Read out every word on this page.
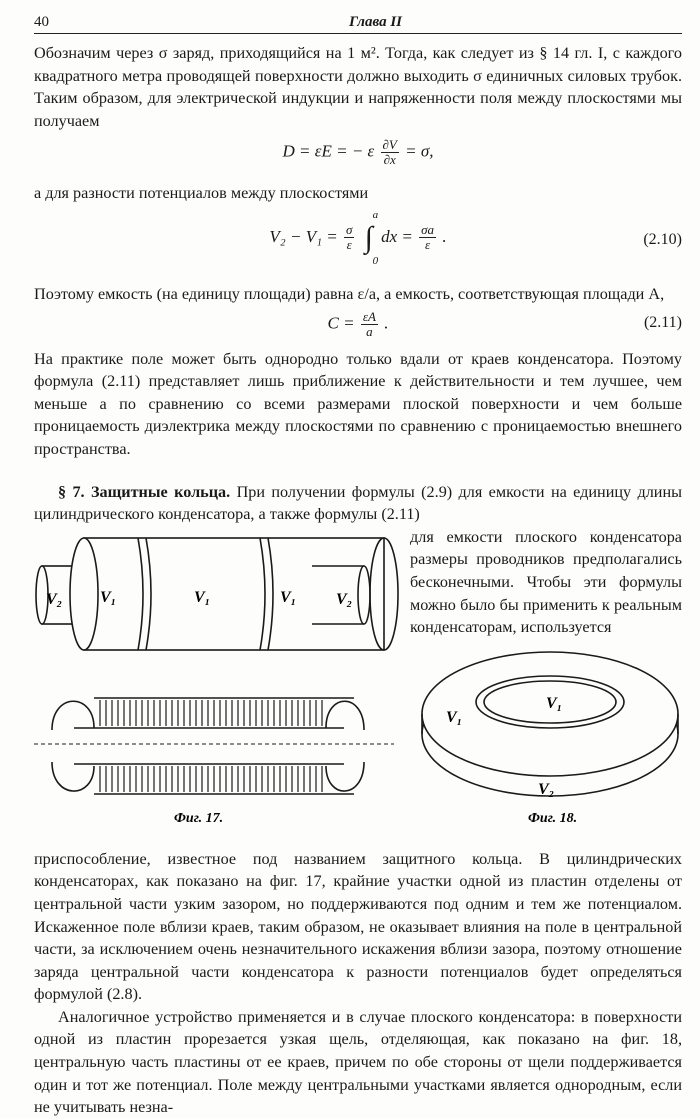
40	Глава II

Обозначим через σ заряд, приходящийся на 1 м². Тогда, как следует из § 14 гл. I, с каждого квадратного метра проводящей поверхности должно выходить σ единичных силовых трубок. Таким образом, для электрической индукции и напряженности поля между плоскостями мы получаем

D = εE = − ε $\frac{\partial V}{\partial x} = \sigma$,

а для разности потенциалов между плоскостями

$V_2 - V_1 = \frac{\sigma}{\varepsilon}$ ∫
a
0
dx = $\frac{\sigma a}{\varepsilon}$ .	(2.10)

Поэтому емкость (на единицу площади) равна ε/a, а емкость, соответствующая площади A,

$C = \frac{\varepsilon A}{a}$ .	(2.11)

На практике поле может быть однородно только вдали от краев конденсатора. Поэтому формула (2.11) представляет лишь приближение к действительности и тем лучшее, чем меньше a по сравнению со всеми размерами плоской поверхности и чем больше проницаемость диэлектрика между плоскостями по сравнению с проницаемостью внешнего пространства.

§ 7. Защитные кольца. При получении формулы (2.9) для емкости на единицу длины цилиндрического конденсатора, а также формулы (2.11)

для емкости плоского конденсатора размеры проводников предполагались бесконечными. Чтобы эти формулы можно было бы применить к реальным конденсаторам, используется

V₂ V₁	V₁	V₁ V₂
Фиг. 17.
V₁
V₁
V₂
Фиг. 18.

приспособление, известное под названием защитного кольца. В цилиндрических конденсаторах, как показано на фиг. 17, крайние участки одной из пластин отделены от центральной части узким зазором, но поддерживаются под одним и тем же потенциалом. Искаженное поле вблизи краев, таким образом, не оказывает влияния на поле в центральной части, за исключением очень незначительного искажения вблизи зазора, поэтому отношение заряда центральной части конденсатора к разности потенциалов будет определяться формулой (2.8).

Аналогичное устройство применяется и в случае плоского конденсатора: в поверхности одной из пластин прорезается узкая щель, отделяющая, как показано на фиг. 18, центральную часть пластины от ее краев, причем по обе стороны от щели поддерживается один и тот же потенциал. Поле между центральными участками является однородным, если не учитывать незна-
